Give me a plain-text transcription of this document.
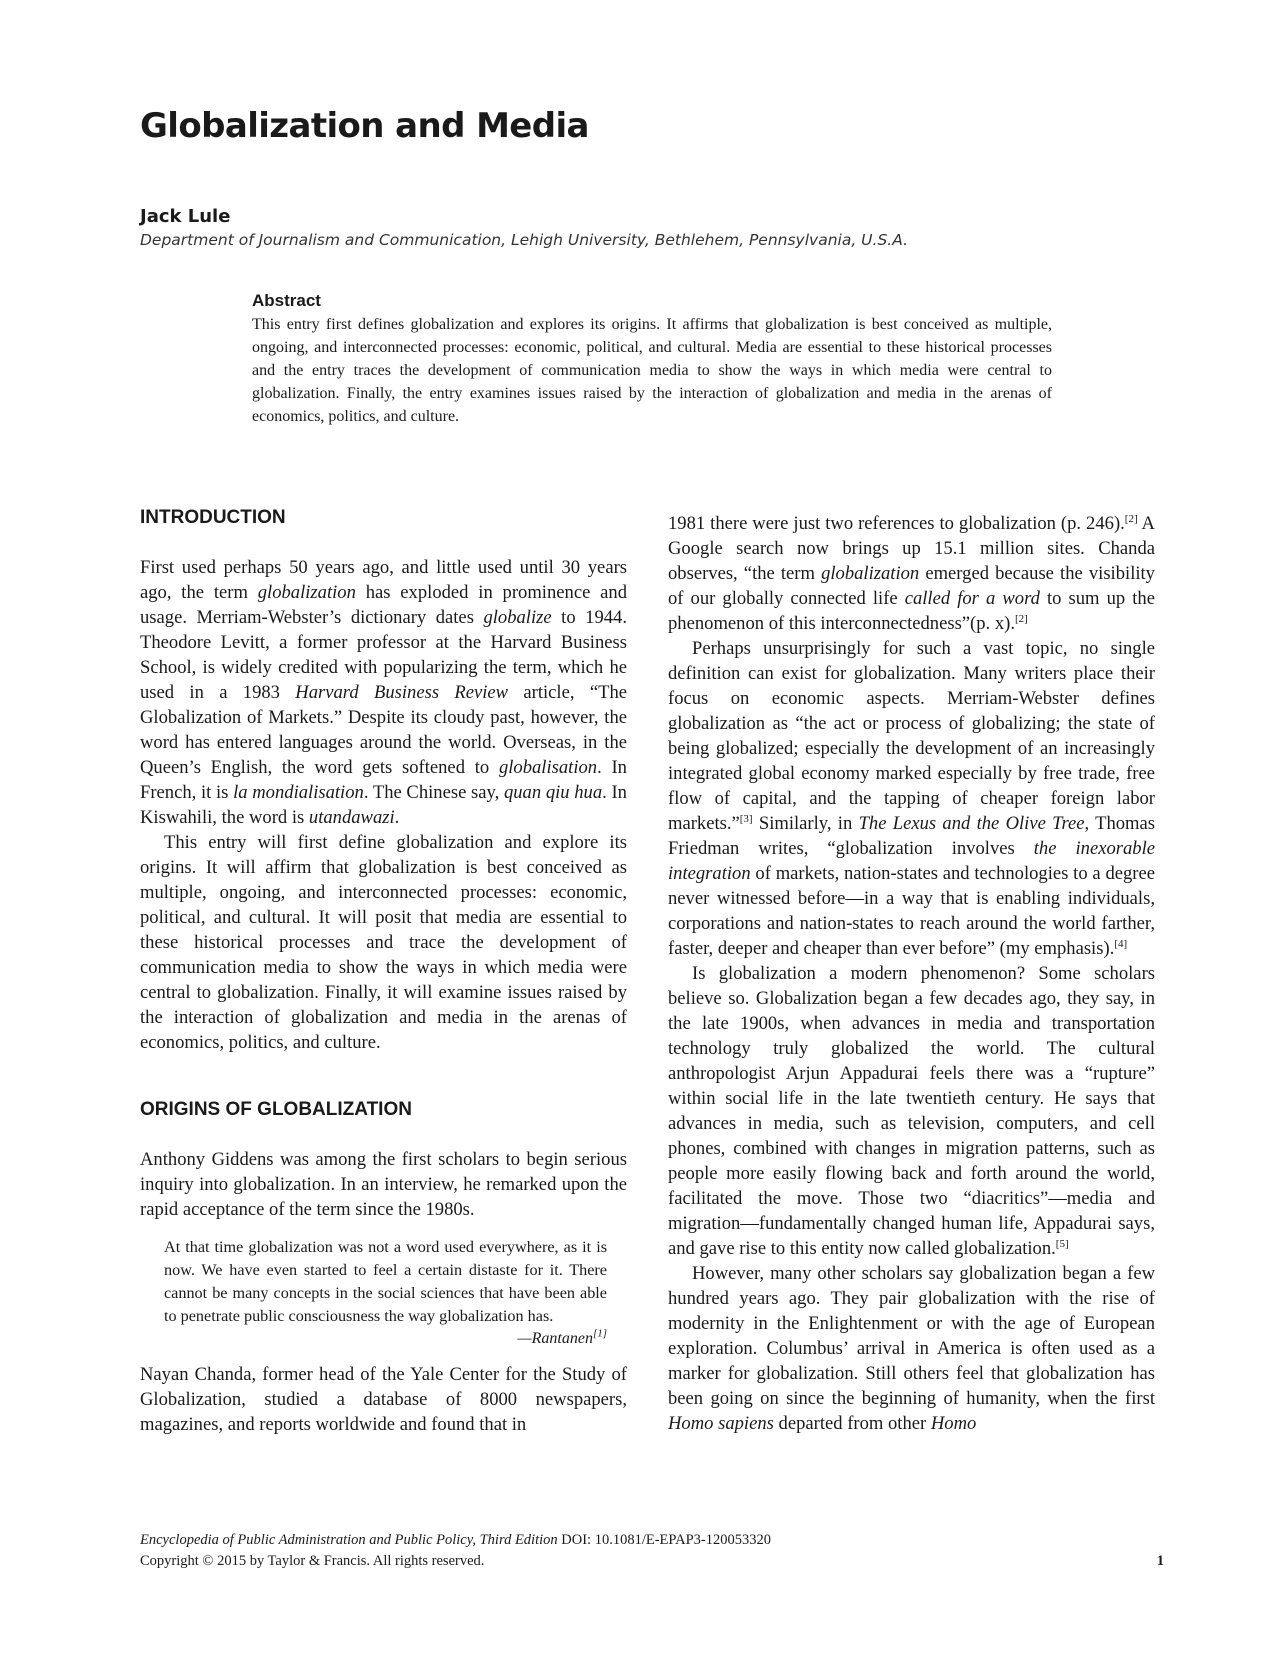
Globalization and Media
Jack Lule
Department of Journalism and Communication, Lehigh University, Bethlehem, Pennsylvania, U.S.A.
Abstract

This entry first defines globalization and explores its origins. It affirms that globalization is best conceived as multiple, ongoing, and interconnected processes: economic, political, and cultural. Media are essential to these historical processes and the entry traces the development of communication media to show the ways in which media were central to globalization. Finally, the entry examines issues raised by the interaction of globalization and media in the arenas of economics, politics, and culture.

INTRODUCTION

First used perhaps 50 years ago, and little used until 30 years ago, the term globalization has exploded in prominence and usage. Merriam-Webster’s dictionary dates globalize to 1944. Theodore Levitt, a former professor at the Harvard Business School, is widely credited with popularizing the term, which he used in a 1983 Harvard Business Review article, “The Globalization of Markets.” Despite its cloudy past, however, the word has entered languages around the world. Overseas, in the Queen’s English, the word gets softened to globalisation. In French, it is la mondialisation. The Chinese say, quan qiu hua. In Kiswahili, the word is utandawazi.

This entry will first define globalization and explore its origins. It will affirm that globalization is best conceived as multiple, ongoing, and interconnected processes: economic, political, and cultural. It will posit that media are essential to these historical processes and trace the development of communication media to show the ways in which media were central to globalization. Finally, it will examine issues raised by the interaction of globalization and media in the arenas of economics, politics, and culture.

ORIGINS OF GLOBALIZATION

Anthony Giddens was among the first scholars to begin serious inquiry into globalization. In an interview, he remarked upon the rapid acceptance of the term since the 1980s.

At that time globalization was not a word used everywhere, as it is now. We have even started to feel a certain distaste for it. There cannot be many concepts in the social sciences that have been able to penetrate public consciousness the way globalization has.

—Rantanen[1]

Nayan Chanda, former head of the Yale Center for the Study of Globalization, studied a database of 8000 newspapers, magazines, and reports worldwide and found that in

1981 there were just two references to globalization (p. 246).[2] A Google search now brings up 15.1 million sites. Chanda observes, “the term globalization emerged because the visibility of our globally connected life called for a word to sum up the phenomenon of this interconnectedness”(p. x).[2]

Perhaps unsurprisingly for such a vast topic, no single definition can exist for globalization. Many writers place their focus on economic aspects. Merriam-Webster defines globalization as “the act or process of globalizing; the state of being globalized; especially the development of an increasingly integrated global economy marked especially by free trade, free flow of capital, and the tapping of cheaper foreign labor markets.”[3] Similarly, in The Lexus and the Olive Tree, Thomas Friedman writes, “globalization involves the inexorable integration of markets, nation-states and technologies to a degree never witnessed before—in a way that is enabling individuals, corporations and nation-states to reach around the world farther, faster, deeper and cheaper than ever before” (my emphasis).[4]

Is globalization a modern phenomenon? Some scholars believe so. Globalization began a few decades ago, they say, in the late 1900s, when advances in media and transportation technology truly globalized the world. The cultural anthropologist Arjun Appadurai feels there was a “rupture” within social life in the late twentieth century. He says that advances in media, such as television, computers, and cell phones, combined with changes in migration patterns, such as people more easily flowing back and forth around the world, facilitated the move. Those two “diacritics”—media and migration—fundamentally changed human life, Appadurai says, and gave rise to this entity now called globalization.[5]

However, many other scholars say globalization began a few hundred years ago. They pair globalization with the rise of modernity in the Enlightenment or with the age of European exploration. Columbus’ arrival in America is often used as a marker for globalization. Still others feel that globalization has been going on since the beginning of humanity, when the first Homo sapiens departed from other Homo

Encyclopedia of Public Administration and Public Policy, Third Edition DOI: 10.1081/E-EPAP3-120053320
Copyright © 2015 by Taylor & Francis. All rights reserved.	1
